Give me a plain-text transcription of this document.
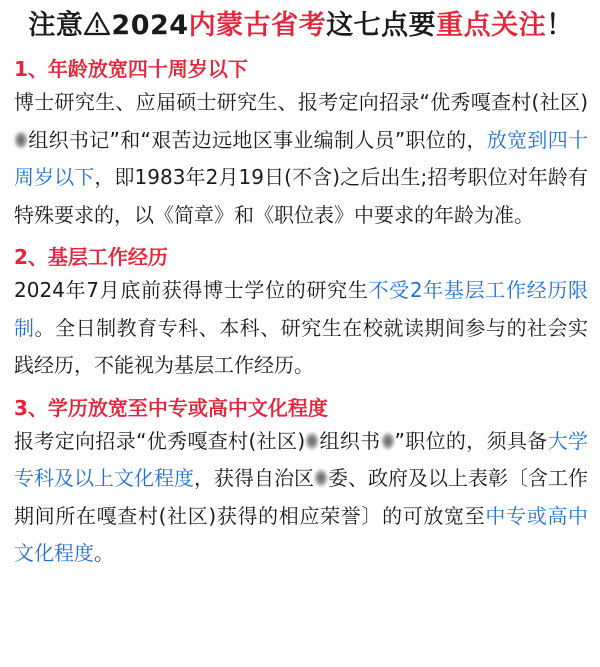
注意 2024内蒙古省考这七点要重点关注！
1、年龄放宽四十周岁以下
博士研究生、应届硕士研究生、报考定向招录“优秀嘎查村(社区)组织书记”和“艰苦边远地区事业编制人员”职位的，放宽到四十周岁以下，即1983年2月19日(不含)之后出生;招考职位对年龄有特殊要求的，以《简章》和《职位表》中要求的年龄为准。
2、基层工作经历
2024年7月底前获得博士学位的研究生不受2年基层工作经历限制。全日制教育专科、本科、研究生在校就读期间参与的社会实践经历，不能视为基层工作经历。
3、学历放宽至中专或高中文化程度
报考定向招录“优秀嘎查村(社区) 组织书 ”职位的，须具备大学专科及以上文化程度，获得自治区 委、政府及以上表彰〔含工作期间所在嘎查村(社区)获得的相应荣誉〕的可放宽至中专或高中文化程度。
